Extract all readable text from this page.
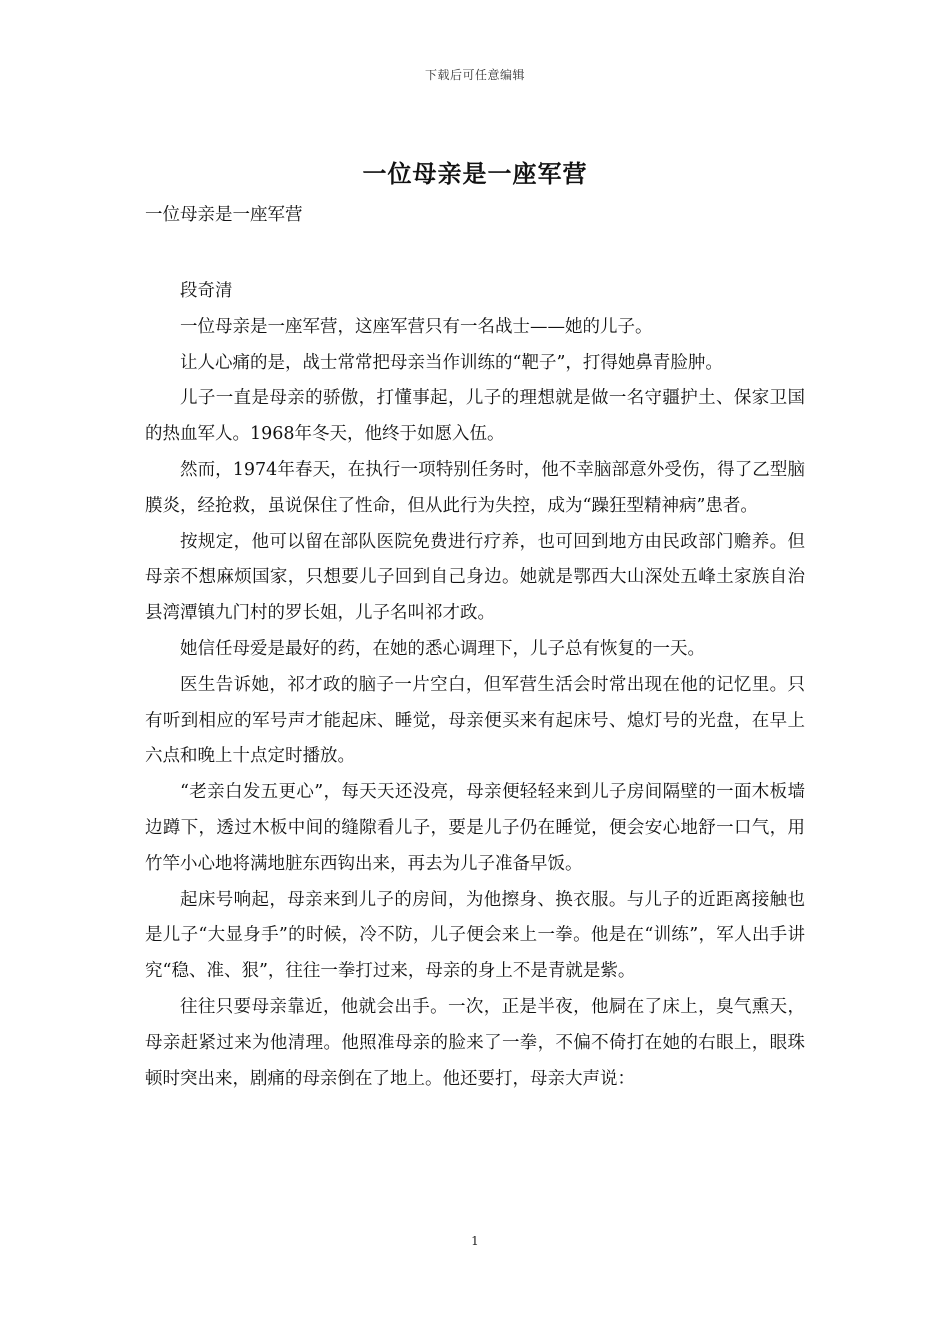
下载后可任意编辑
一位母亲是一座军营
一位母亲是一座军营

段奇清

一位母亲是一座军营，这座军营只有一名战士——她的儿子。

让人心痛的是，战士常常把母亲当作训练的“靶子”，打得她鼻青脸肿。

儿子一直是母亲的骄傲，打懂事起，儿子的理想就是做一名守疆护土、保家卫国的热血军人。1968年冬天，他终于如愿入伍。

然而，1974年春天，在执行一项特别任务时，他不幸脑部意外受伤，得了乙型脑膜炎，经抢救，虽说保住了性命，但从此行为失控，成为“躁狂型精神病”患者。

按规定，他可以留在部队医院免费进行疗养，也可回到地方由民政部门赡养。但母亲不想麻烦国家，只想要儿子回到自己身边。她就是鄂西大山深处五峰土家族自治县湾潭镇九门村的罗长姐，儿子名叫祁才政。

她信任母爱是最好的药，在她的悉心调理下，儿子总有恢复的一天。

医生告诉她，祁才政的脑子一片空白，但军营生活会时常出现在他的记忆里。只有听到相应的军号声才能起床、睡觉，母亲便买来有起床号、熄灯号的光盘，在早上六点和晚上十点定时播放。

“老亲白发五更心”，每天天还没亮，母亲便轻轻来到儿子房间隔壁的一面木板墙边蹲下，透过木板中间的缝隙看儿子，要是儿子仍在睡觉，便会安心地舒一口气，用竹竿小心地将满地脏东西钩出来，再去为儿子准备早饭。

起床号响起，母亲来到儿子的房间，为他擦身、换衣服。与儿子的近距离接触也是儿子“大显身手”的时候，冷不防，儿子便会来上一拳。他是在“训练”，军人出手讲究“稳、准、狠”，往往一拳打过来，母亲的身上不是青就是紫。

往往只要母亲靠近，他就会出手。一次，正是半夜，他屙在了床上，臭气熏天，母亲赶紧过来为他清理。他照准母亲的脸来了一拳，不偏不倚打在她的右眼上，眼珠顿时突出来，剧痛的母亲倒在了地上。他还要打，母亲大声说：

1
